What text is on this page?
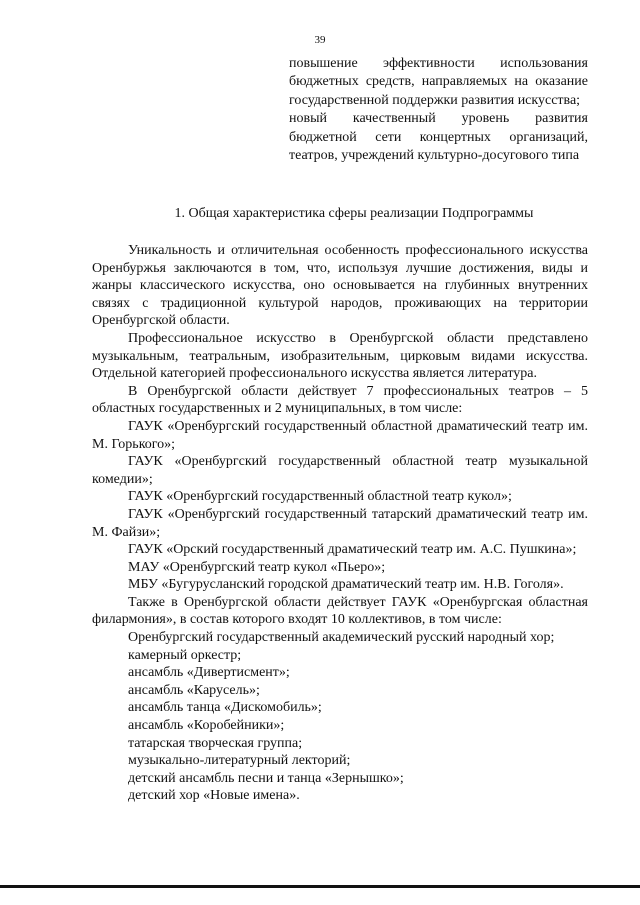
39

повышение эффективности использования бюджетных средств, направляемых на оказание государственной поддержки развития искусства;

новый качественный уровень развития бюджетной сети концертных организаций, театров, учреждений культурно-досугового типа

1. Общая характеристика сферы реализации Подпрограммы

Уникальность и отличительная особенность профессионального искусства Оренбуржья заключаются в том, что, используя лучшие достижения, виды и жанры классического искусства, оно основывается на глубинных внутренних связях с традиционной культурой народов, проживающих на территории Оренбургской области.

Профессиональное искусство в Оренбургской области представлено музыкальным, театральным, изобразительным, цирковым видами искусства. Отдельной категорией профессионального искусства является литература.

В Оренбургской области действует 7 профессиональных театров – 5 областных государственных и 2 муниципальных, в том числе:

ГАУК «Оренбургский государственный областной драматический театр им. М. Горького»;

ГАУК «Оренбургский государственный областной театр музыкальной комедии»;

ГАУК «Оренбургский государственный областной театр кукол»;

ГАУК «Оренбургский государственный татарский драматический театр им. М. Файзи»;

ГАУК «Орский государственный драматический театр им. А.С. Пушкина»;

МАУ «Оренбургский театр кукол «Пьеро»;

МБУ «Бугурусланский городской драматический театр им. Н.В. Гоголя».

Также в Оренбургской области действует ГАУК «Оренбургская областная филармония», в состав которого входят 10 коллективов, в том числе:

Оренбургский государственный академический русский народный хор;
камерный оркестр;
ансамбль «Дивертисмент»;
ансамбль «Карусель»;
ансамбль танца «Дискомобиль»;
ансамбль «Коробейники»;
татарская творческая группа;
музыкально-литературный лекторий;
детский ансамбль песни и танца «Зернышко»;
детский хор «Новые имена».
